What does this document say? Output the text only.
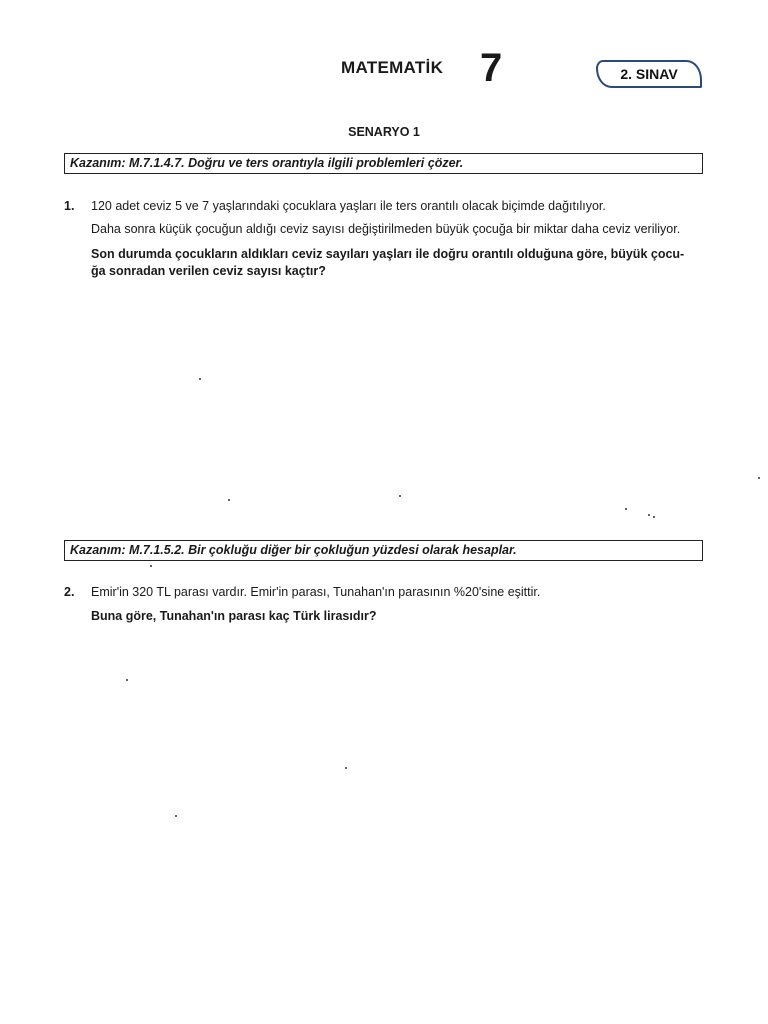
MATEMATİK 7	2. SINAV
SENARYO 1
Kazanım: M.7.1.4.7. Doğru ve ters orantıyla ilgili problemleri çözer.
1. 120 adet ceviz 5 ve 7 yaşlarındaki çocuklara yaşları ile ters orantılı olacak biçimde dağıtılıyor.
Daha sonra küçük çocuğun aldığı ceviz sayısı değiştirilmeden büyük çocuğa bir miktar daha ceviz veriliyor.
Son durumda çocukların aldıkları ceviz sayıları yaşları ile doğru orantılı olduğuna göre, büyük çocu-
ğa sonradan verilen ceviz sayısı kaçtır?
Kazanım: M.7.1.5.2. Bir çokluğu diğer bir çokluğun yüzdesi olarak hesaplar.
2. Emir'in 320 TL parası vardır. Emir'in parası, Tunahan'ın parasının %20'sine eşittir.
Buna göre, Tunahan'ın parası kaç Türk lirasıdır?
